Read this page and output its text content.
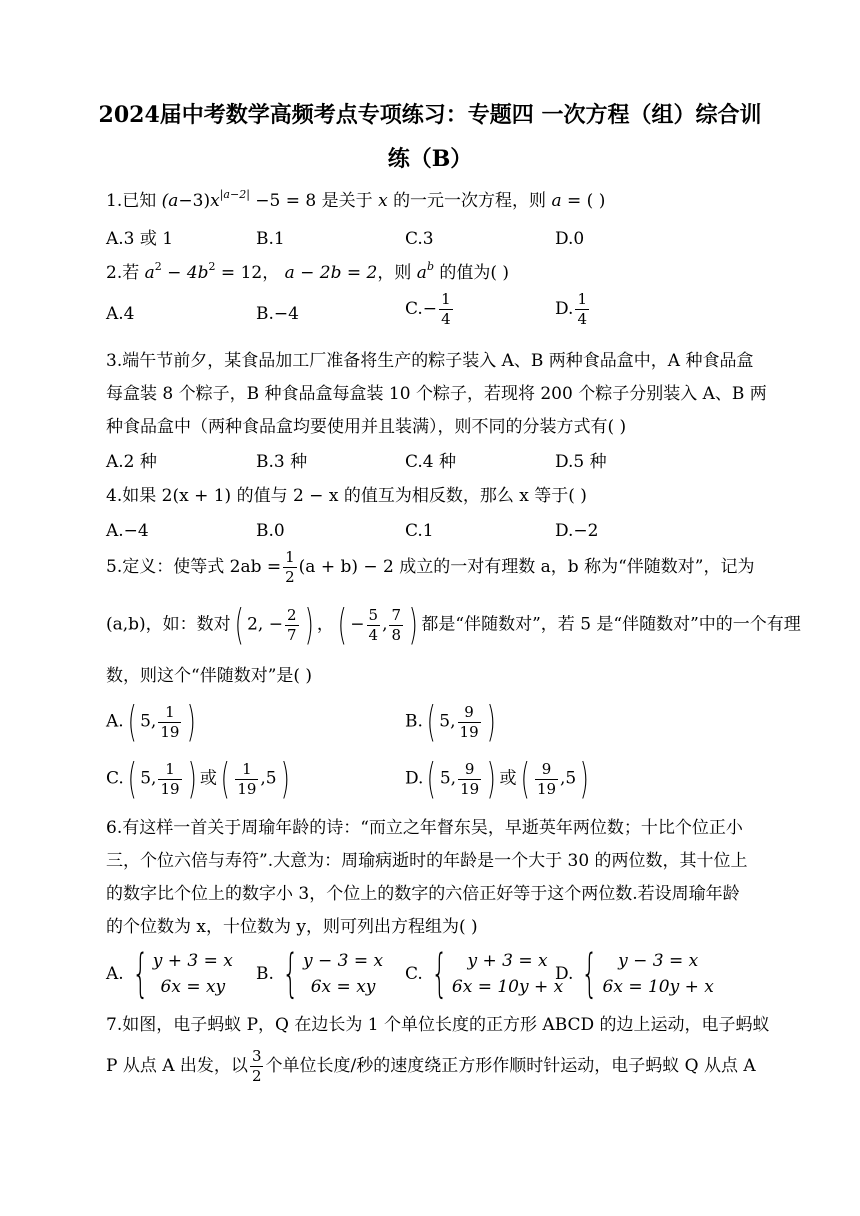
2024届中考数学高频考点专项练习：专题四 一次方程（组）综合训
练（B）
1.已知 $(a-3)x^{|a-2|} -5 = 8$ 是关于 x 的一元一次方程，则 a = ( )
A.3 或 1	B.1	C.3	D.0
2.若 $a^2 - 4b^2 = 12$， a − 2b = 2，则 $a^b$ 的值为( )
A.4	B.−4	$C.- \frac{1}{4}$	D. $\frac{1}{4}$
3.端午节前夕，某食品加工厂准备将生产的粽子装入 A、B 两种食品盒中，A 种食品盒
每盒装 8 个粽子，B 种食品盒每盒装 10 个粽子，若现将 200 个粽子分别装入 A、B 两
种食品盒中（两种食品盒均要使用并且装满），则不同的分装方式有( )
A.2 种	B.3 种	C.4 种	D.5 种
4.如果 2(x + 1) 的值与 2 − x 的值互为相反数，那么 x 等于( )
A.−4	B.0	C.1	D.−2
5.定义：使等式 $2ab = \frac{1}{2} (a + b) - 2$ 成立的一对有理数 a，b 称为“伴随数对”，记为
(a,b)，如：数对( 2, − $\frac{2}{7}$ ) ，( − $\frac{5}{4}$ , $\frac{7}{8}$ ) 都是“伴随数对”，若 5 是“伴随数对”中的一个有理
数，则这个“伴随数对”是( )
A.( 5, $\frac{1}{19}$ )	B.( 5, $\frac{9}{19}$ )
C.( 5, $\frac{1}{19}$ ) 或( $\frac{1}{19} ,5$)	D.( 5, $\frac{9}{19}$ ) 或( $\frac{9}{19} ,5$)
6.有这样一首关于周瑜年龄的诗：“而立之年督东吴，早逝英年两位数；十比个位正小
三，个位六倍与寿符”.大意为：周瑜病逝时的年龄是一个大于 30 的两位数，其十位上
的数字比个位上的数字小 3，个位上的数字的六倍正好等于这个两位数.若设周瑜年龄
的个位数为 x，十位数为 y，则可列出方程组为( )
A. { y + 3 = x
6x = xy
B. { y − 3 = x
6x = xy
C. {	y + 3 = x
6x = 10y + x
D. {	y − 3 = x
6x = 10y + x
7.如图，电子蚂蚁 P，Q 在边长为 1 个单位长度的正方形 ABCD 的边上运动，电子蚂蚁
P 从点 A 出发，以 $\frac{3}{2}$ 个单位长度/秒的速度绕正方形作顺时针运动，电子蚂蚁 Q 从点 A
